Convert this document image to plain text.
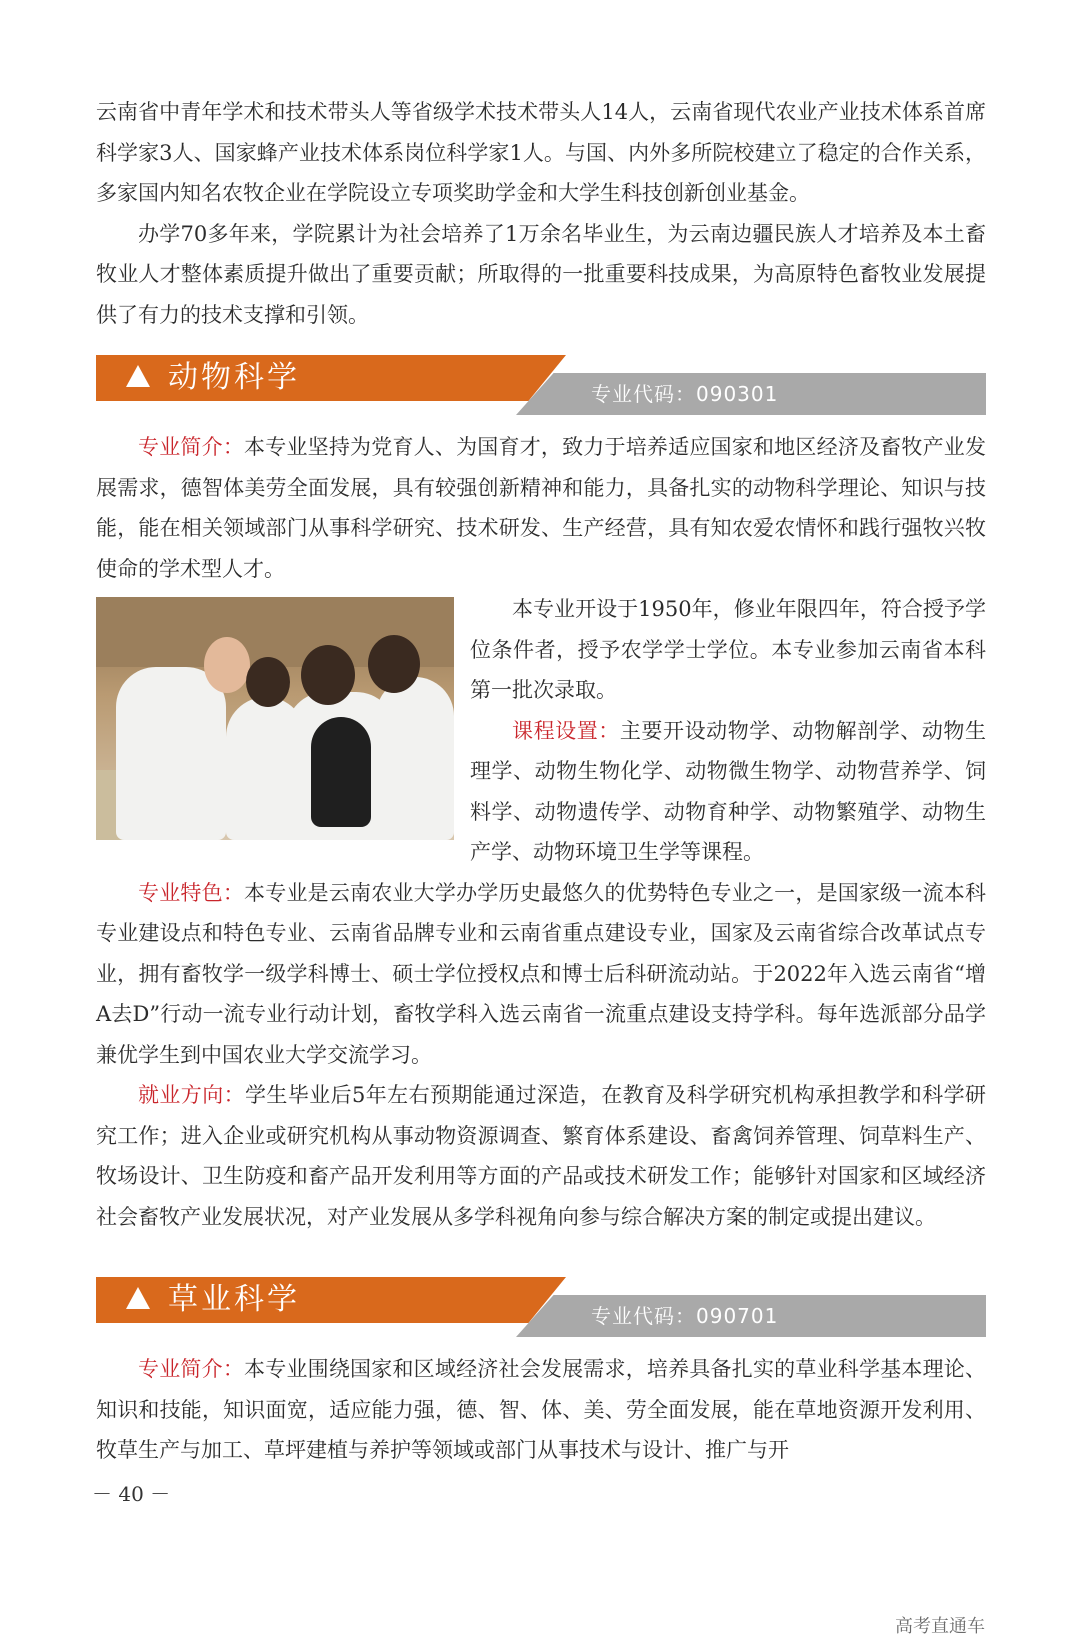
云南省中青年学术和技术带头人等省级学术技术带头人14人，云南省现代农业产业技术体系首席科学家3人、国家蜂产业技术体系岗位科学家1人。与国、内外多所院校建立了稳定的合作关系，多家国内知名农牧企业在学院设立专项奖助学金和大学生科技创新创业基金。

办学70多年来，学院累计为社会培养了1万余名毕业生，为云南边疆民族人才培养及本土畜牧业人才整体素质提升做出了重要贡献；所取得的一批重要科技成果，为高原特色畜牧业发展提供了有力的技术支撑和引领。

动物科学	专业代码：090301

专业简介：本专业坚持为党育人、为国育才，致力于培养适应国家和地区经济及畜牧产业发展需求，德智体美劳全面发展，具有较强创新精神和能力，具备扎实的动物科学理论、知识与技能，能在相关领域部门从事科学研究、技术研发、生产经营，具有知农爱农情怀和践行强牧兴牧使命的学术型人才。

本专业开设于1950年，修业年限四年，符合授予学位条件者，授予农学学士学位。本专业参加云南省本科第一批次录取。

课程设置：主要开设动物学、动物解剖学、动物生理学、动物生物化学、动物微生物学、动物营养学、饲料学、动物遗传学、动物育种学、动物繁殖学、动物生产学、动物环境卫生学等课程。

专业特色：本专业是云南农业大学办学历史最悠久的优势特色专业之一，是国家级一流本科专业建设点和特色专业、云南省品牌专业和云南省重点建设专业，国家及云南省综合改革试点专业，拥有畜牧学一级学科博士、硕士学位授权点和博士后科研流动站。于2022年入选云南省“增A去D”行动一流专业行动计划，畜牧学科入选云南省一流重点建设支持学科。每年选派部分品学兼优学生到中国农业大学交流学习。

就业方向：学生毕业后5年左右预期能通过深造，在教育及科学研究机构承担教学和科学研究工作；进入企业或研究机构从事动物资源调查、繁育体系建设、畜禽饲养管理、饲草料生产、牧场设计、卫生防疫和畜产品开发利用等方面的产品或技术研发工作；能够针对国家和区域经济社会畜牧产业发展状况，对产业发展从多学科视角向参与综合解决方案的制定或提出建议。

草业科学	专业代码：090701

专业简介：本专业围绕国家和区域经济社会发展需求，培养具备扎实的草业科学基本理论、知识和技能，知识面宽，适应能力强，德、智、体、美、劳全面发展，能在草地资源开发利用、牧草生产与加工、草坪建植与养护等领域或部门从事技术与设计、推广与开

－ 40 －
高考直通车
